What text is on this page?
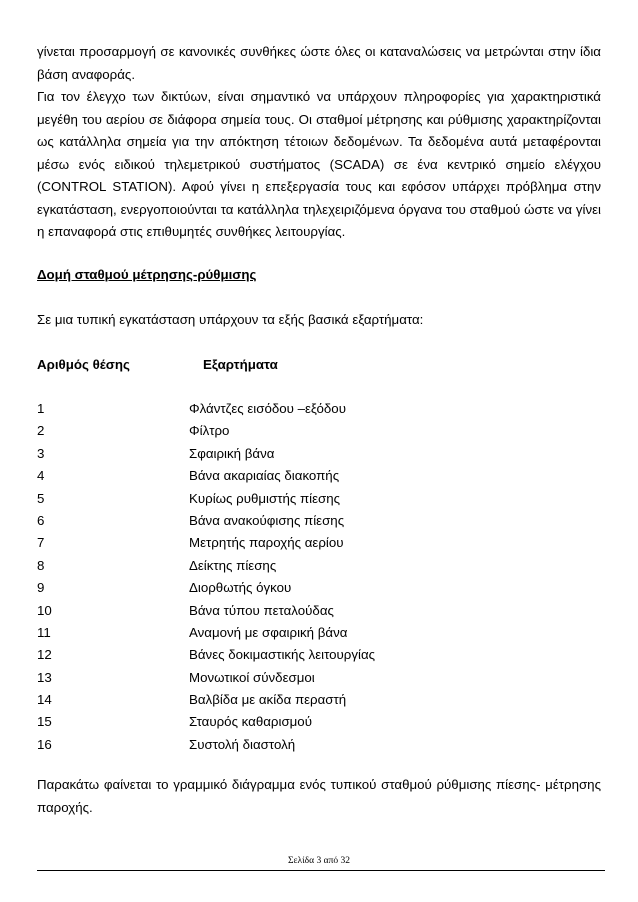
γίνεται προσαρμογή σε κανονικές συνθήκες ώστε όλες οι καταναλώσεις να μετρώνται στην ίδια βάση αναφοράς.

Για τον έλεγχο των δικτύων, είναι σημαντικό να υπάρχουν πληροφορίες για χαρακτηριστικά μεγέθη του αερίου σε διάφορα σημεία τους. Οι σταθμοί μέτρησης και ρύθμισης χαρακτηρίζονται ως κατάλληλα σημεία για την απόκτηση τέτοιων δεδομένων. Τα δεδομένα αυτά μεταφέρονται μέσω ενός ειδικού τηλεμετρικού συστήματος (SCADA) σε ένα κεντρικό σημείο ελέγχου (CONTROL STATION). Αφού γίνει η επεξεργασία τους και εφόσον υπάρχει πρόβλημα στην εγκατάσταση, ενεργοποιούνται τα κατάλληλα τηλεχειριζόμενα όργανα του σταθμού ώστε να γίνει η επαναφορά στις επιθυμητές συνθήκες λειτουργίας.

Δομή σταθμού μέτρησης-ρύθμισης

Σε μια τυπική εγκατάσταση υπάρχουν τα εξής βασικά εξαρτήματα:

Αριθμός θέσης	Εξαρτήματα
1	Φλάντζες εισόδου –εξόδου
2	Φίλτρο
3	Σφαιρική βάνα
4	Βάνα ακαριαίας διακοπής
5	Κυρίως ρυθμιστής πίεσης
6	Βάνα ανακούφισης πίεσης
7	Μετρητής παροχής αερίου
8	Δείκτης πίεσης
9	Διορθωτής όγκου
10	Βάνα τύπου πεταλούδας
11	Αναμονή με σφαιρική βάνα
12	Βάνες δοκιμαστικής λειτουργίας
13	Μονωτικοί σύνδεσμοι
14	Βαλβίδα με ακίδα περαστή
15	Σταυρός καθαρισμού
16	Συστολή διαστολή

Παρακάτω φαίνεται το γραμμικό διάγραμμα ενός τυπικού σταθμού ρύθμισης πίεσης- μέτρησης παροχής.

Σελίδα 3 από 32
